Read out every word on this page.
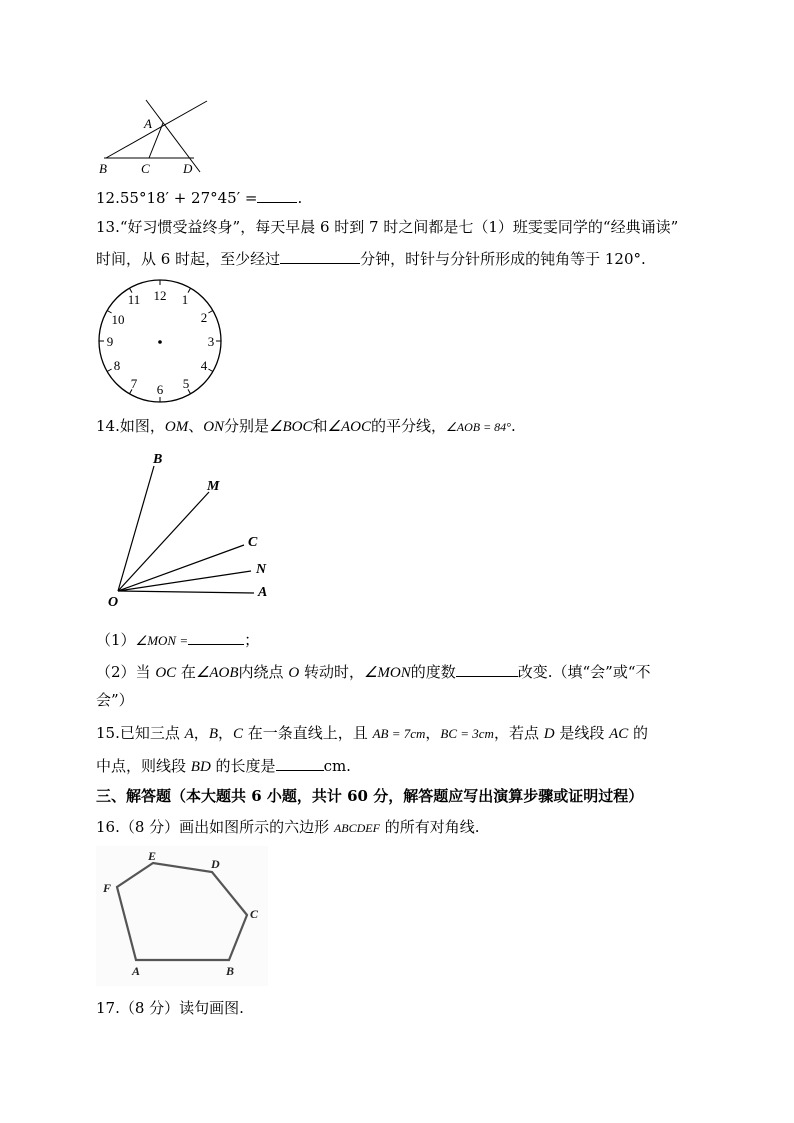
A
B	C	D
12.55°18′ + 27°45′ =	.
13.“好习惯受益终身”，每天早晨 6 时到 7 时之间都是七（1）班雯雯同学的“经典诵读”
时间，从 6 时起，至少经过	分钟，时针与分针所形成的钝角等于 120°.
12 1
2
3
4
5
6
7
8
9
10
11
14.如图，OM、ON分别是∠BOC和∠AOC的平分线，∠AOB = 84°.
B
M
C
N
O
A
（1）∠MON =	；
（2）当 OC 在∠AOB内绕点 O 转动时，∠MON的度数	改变.（填“会”或“不
会”）
15.已知三点 A，B，C 在一条直线上，且 AB = 7cm，BC = 3cm，若点 D 是线段 AC 的
中点，则线段 BD 的长度是	cm.
三、解答题（本大题共 6 小题，共计 60 分，解答题应写出演算步骤或证明过程）
16.（8 分）画出如图所示的六边形 ABCDEF 的所有对角线.
E
D
F
C
A	B
17.（8 分）读句画图.
